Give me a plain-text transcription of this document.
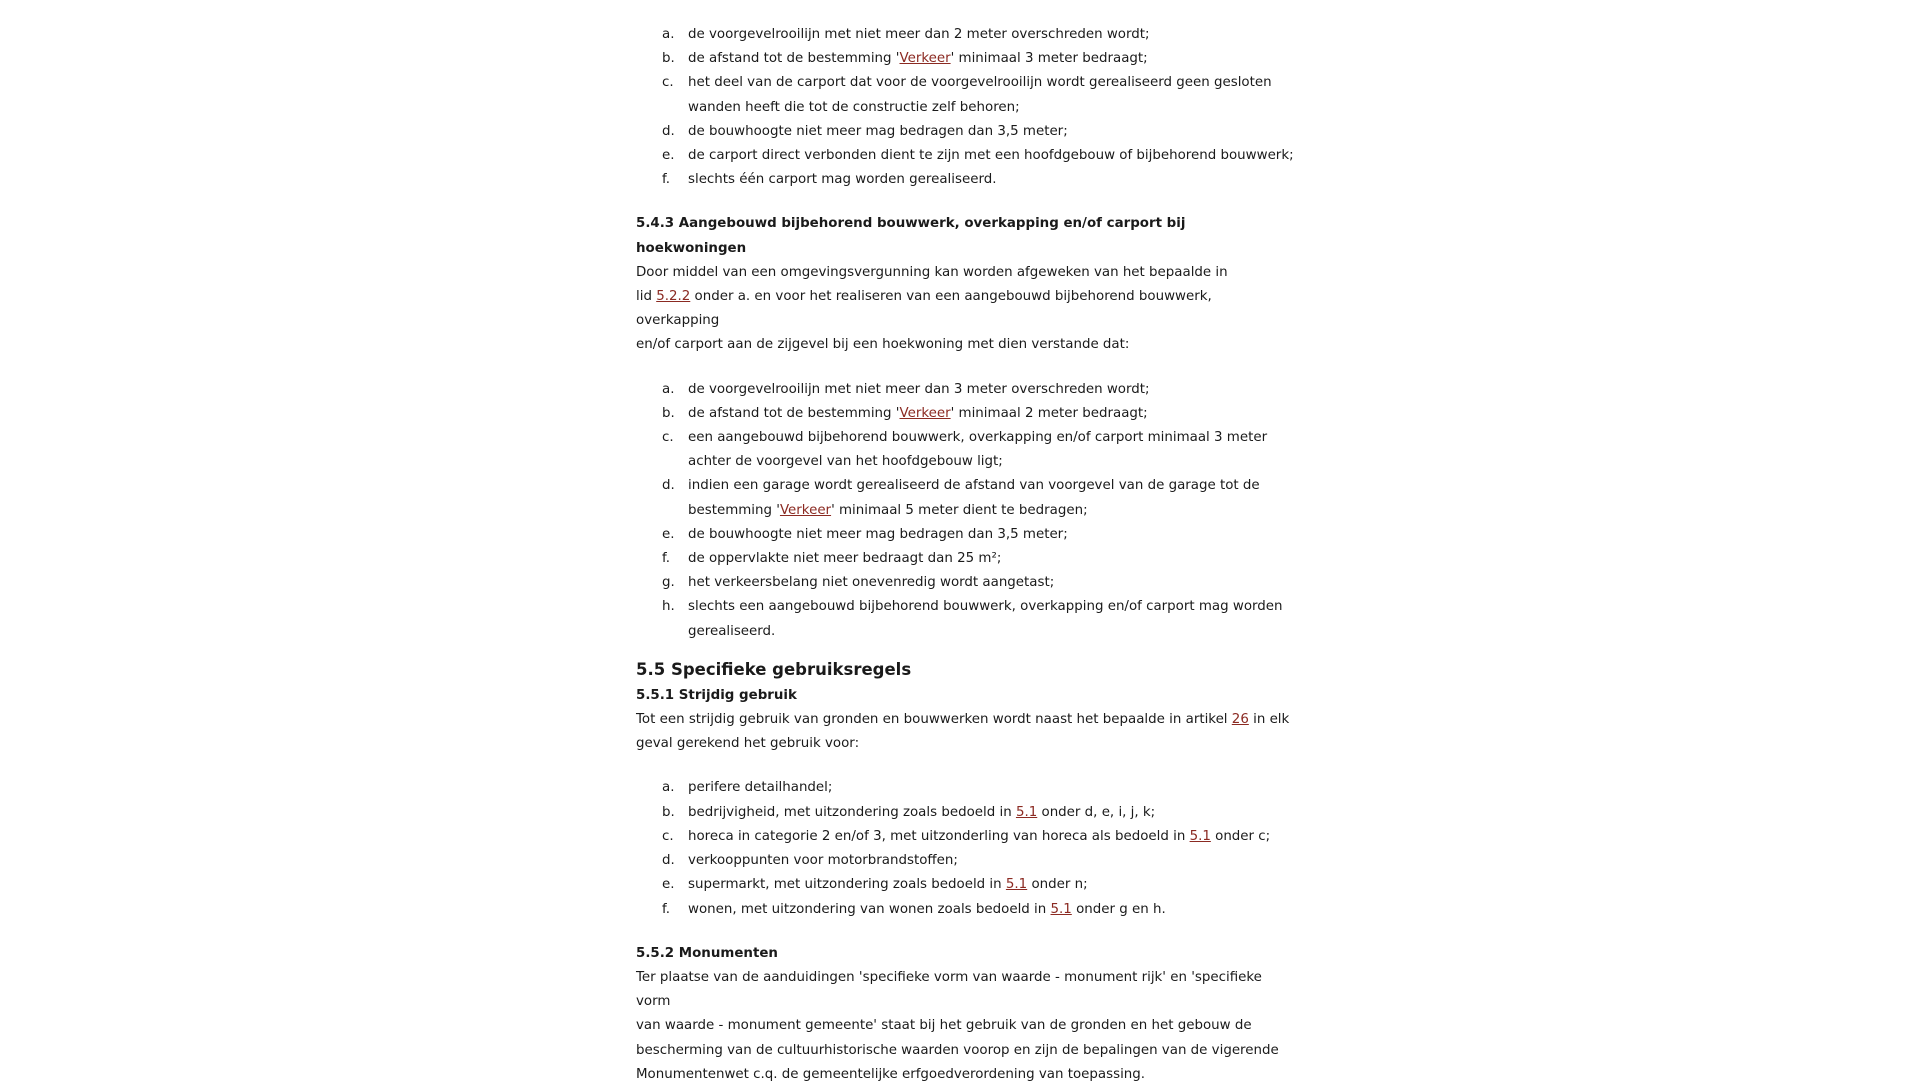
a.	de voorgevelrooilijn met niet meer dan 2 meter overschreden wordt;
b. de afstand tot de bestemming 'Verkeer' minimaal 3 meter bedraagt;
c.	het deel van de carport dat voor de voorgevelrooilijn wordt gerealiseerd geen gesloten
wanden heeft die tot de constructie zelf behoren;
d. de bouwhoogte niet meer mag bedragen dan 3,5 meter;
e.	de carport direct verbonden dient te zijn met een hoofdgebouw of bijbehorend bouwwerk;
f.	slechts één carport mag worden gerealiseerd.
5.4.3 Aangebouwd bijbehorend bouwwerk, overkapping en/of carport bij hoekwoningen

Door middel van een omgevingsvergunning kan worden afgeweken van het bepaalde in
lid 5.2.2 onder a. en voor het realiseren van een aangebouwd bijbehorend bouwwerk, overkapping
en/of carport aan de zijgevel bij een hoekwoning met dien verstande dat:

a.	de voorgevelrooilijn met niet meer dan 3 meter overschreden wordt;
b. de afstand tot de bestemming 'Verkeer' minimaal 2 meter bedraagt;
c.	een aangebouwd bijbehorend bouwwerk, overkapping en/of carport minimaal 3 meter
achter de voorgevel van het hoofdgebouw ligt;
d. indien een garage wordt gerealiseerd de afstand van voorgevel van de garage tot de
bestemming 'Verkeer' minimaal 5 meter dient te bedragen;
e.	de bouwhoogte niet meer mag bedragen dan 3,5 meter;
f.	de oppervlakte niet meer bedraagt dan 25 m²;
g. het verkeersbelang niet onevenredig wordt aangetast;
h. slechts een aangebouwd bijbehorend bouwwerk, overkapping en/of carport mag worden
gerealiseerd.
5.5 Specifieke gebruiksregels
5.5.1 Strijdig gebruik

Tot een strijdig gebruik van gronden en bouwwerken wordt naast het bepaalde in artikel 26 in elk
geval gerekend het gebruik voor:

a.	perifere detailhandel;
b. bedrijvigheid, met uitzondering zoals bedoeld in 5.1 onder d, e, i, j, k;
c.	horeca in categorie 2 en/of 3, met uitzonderling van horeca als bedoeld in 5.1 onder c;
d. verkooppunten voor motorbrandstoffen;
e.	supermarkt, met uitzondering zoals bedoeld in 5.1 onder n;
f.	wonen, met uitzondering van wonen zoals bedoeld in 5.1 onder g en h.
5.5.2 Monumenten

Ter plaatse van de aanduidingen 'specifieke vorm van waarde - monument rijk' en 'specifieke vorm
van waarde - monument gemeente' staat bij het gebruik van de gronden en het gebouw de
bescherming van de cultuurhistorische waarden voorop en zijn de bepalingen van de vigerende
Monumentenwet c.q. de gemeentelijke erfgoedverordening van toepassing.
